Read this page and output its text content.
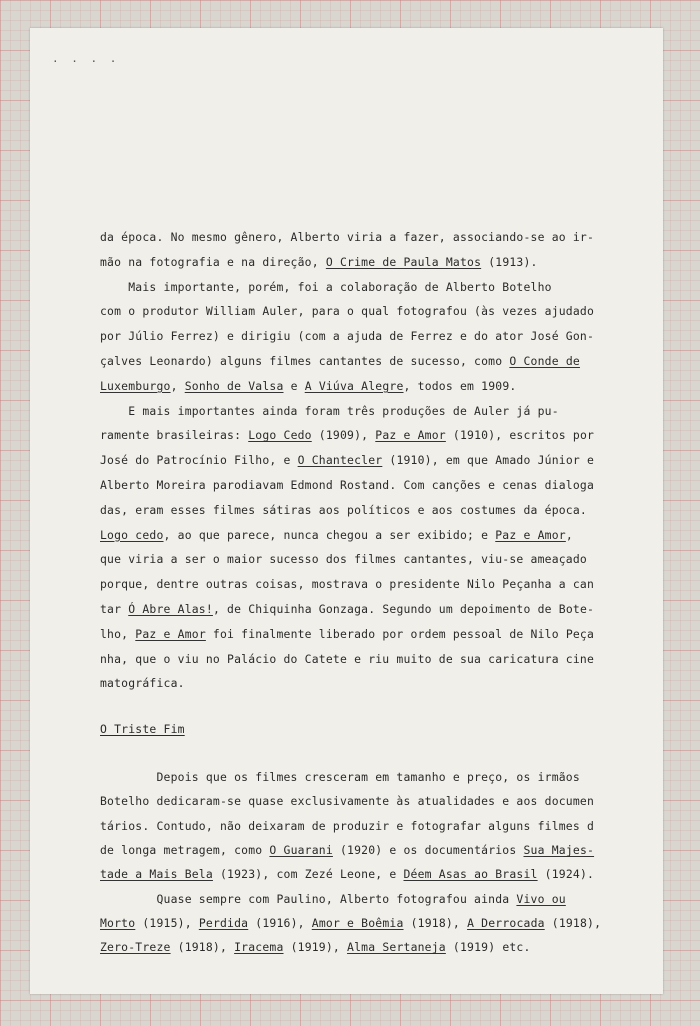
· · · ·
da época. No mesmo gênero, Alberto viria a fazer, associando-se ao ir-
mão na fotografia e na direção, O Crime de Paula Matos (1913).
Mais importante, porém, foi a colaboração de Alberto Botelho
com o produtor William Auler, para o qual fotografou (às vezes ajudado
por Júlio Ferrez) e dirigiu (com a ajuda de Ferrez e do ator José Gon-
çalves Leonardo) alguns filmes cantantes de sucesso, como O Conde de
Luxemburgo, Sonho de Valsa e A Viúva Alegre, todos em 1909.
E mais importantes ainda foram três produções de Auler já pu-
ramente brasileiras: Logo Cedo (1909), Paz e Amor (1910), escritos por
José do Patrocínio Filho, e O Chantecler (1910), em que Amado Júnior e
Alberto Moreira parodiavam Edmond Rostand. Com canções e cenas dialoga
das, eram esses filmes sátiras aos políticos e aos costumes da época.
Logo cedo, ao que parece, nunca chegou a ser exibido; e Paz e Amor,
que viria a ser o maior sucesso dos filmes cantantes, viu-se ameaçado
porque, dentre outras coisas, mostrava o presidente Nilo Peçanha a can
tar Ó Abre Alas!, de Chiquinha Gonzaga. Segundo um depoimento de Bote-
lho, Paz e Amor foi finalmente liberado por ordem pessoal de Nilo Peça
nha, que o viu no Palácio do Catete e riu muito de sua caricatura cine
matográfica.
O Triste Fim
Depois que os filmes cresceram em tamanho e preço, os irmãos
Botelho dedicaram-se quase exclusivamente às atualidades e aos documen
tários. Contudo, não deixaram de produzir e fotografar alguns filmes d
de longa metragem, como O Guarani (1920) e os documentários Sua Majes-
tade a Mais Bela (1923), com Zezé Leone, e Déem Asas ao Brasil (1924).
Quase sempre com Paulino, Alberto fotografou ainda Vivo ou
Morto (1915), Perdida (1916), Amor e Boêmia (1918), A Derrocada (1918),
Zero-Treze (1918), Iracema (1919), Alma Sertaneja (1919) etc.
